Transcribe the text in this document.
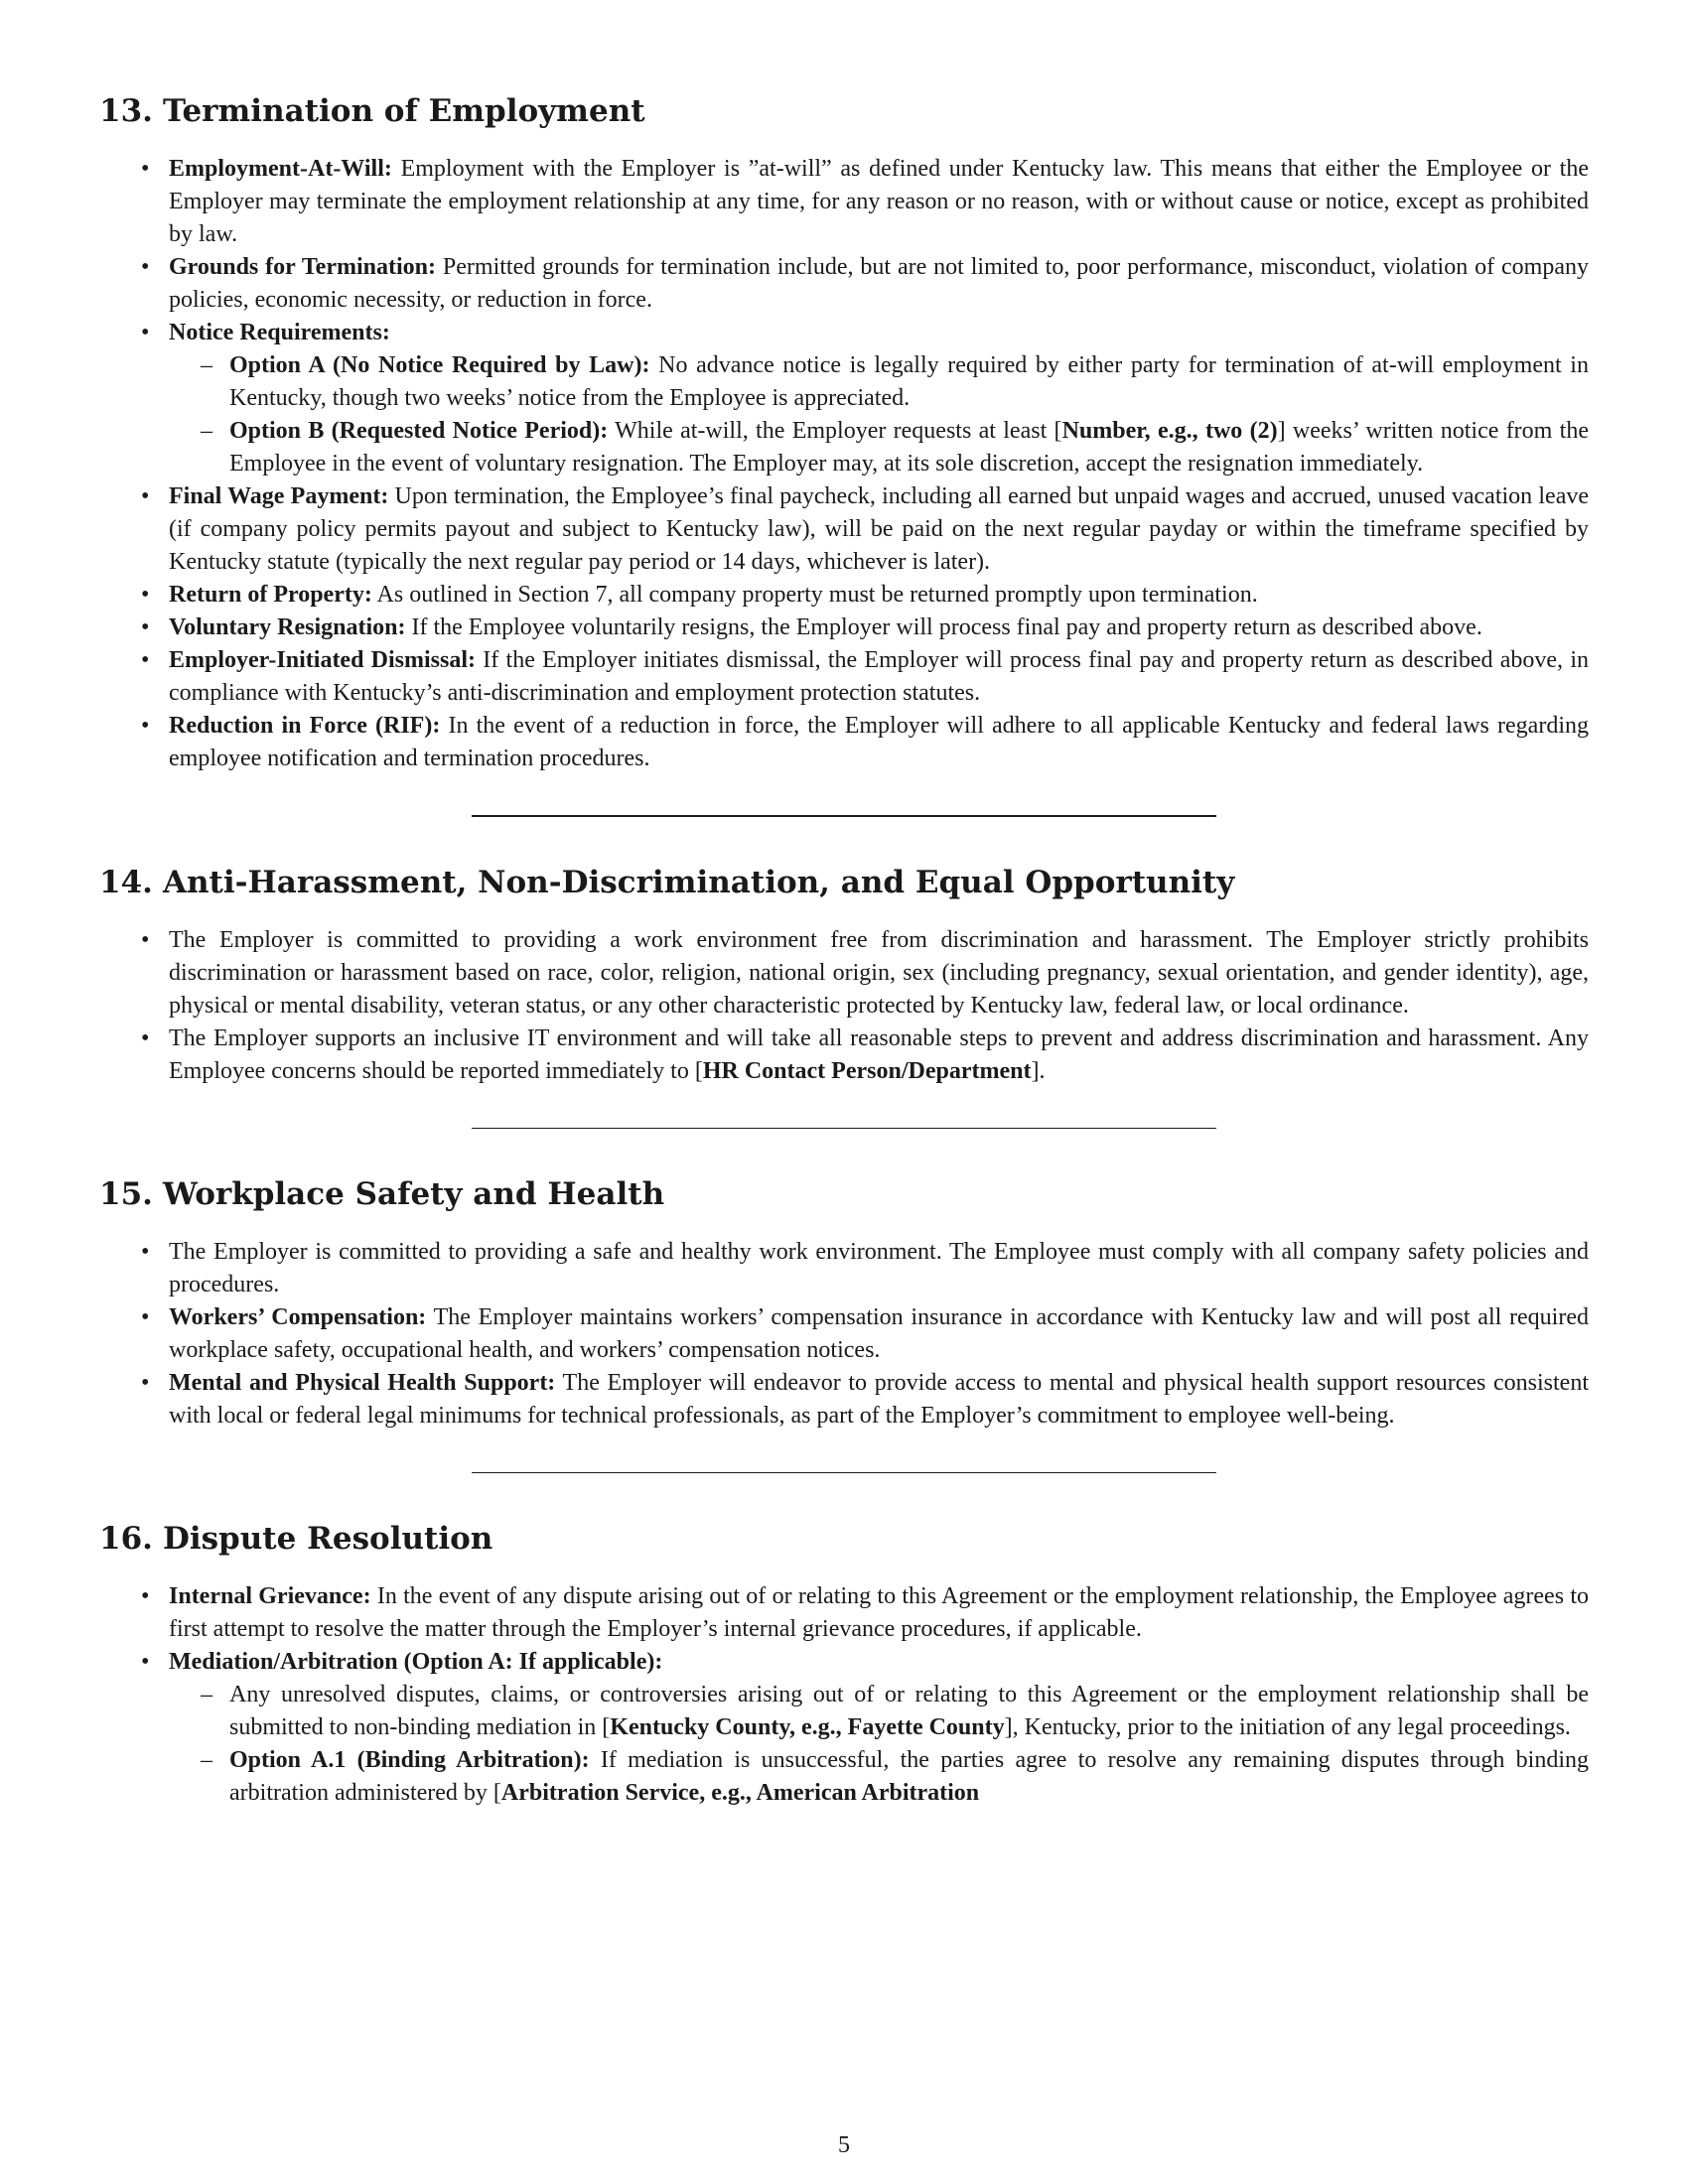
13. Termination of Employment
• Employment-At-Will: Employment with the Employer is ”at-will” as defined under Kentucky law. This means that either the Employee or the Employer may terminate the employment relationship at any time, for any reason or no reason, with or without cause or notice, except as prohibited by law.
• Grounds for Termination: Permitted grounds for termination include, but are not limited to, poor performance, misconduct, violation of company policies, economic necessity, or reduction in force.
• Notice Requirements:
– Option A (No Notice Required by Law): No advance notice is legally required by either party for termination of at-will employment in Kentucky, though two weeks’ notice from the Employee is appreciated.
– Option B (Requested Notice Period): While at-will, the Employer requests at least [Number, e.g., two (2)] weeks’ written notice from the Employee in the event of voluntary resignation. The Employer may, at its sole discretion, accept the resignation immediately.
• Final Wage Payment: Upon termination, the Employee’s final paycheck, including all earned but unpaid wages and accrued, unused vacation leave (if company policy permits payout and subject to Kentucky law), will be paid on the next regular payday or within the timeframe specified by Kentucky statute (typically the next regular pay period or 14 days, whichever is later).
• Return of Property: As outlined in Section 7, all company property must be returned promptly upon termination.
• Voluntary Resignation: If the Employee voluntarily resigns, the Employer will process final pay and property return as described above.
• Employer-Initiated Dismissal: If the Employer initiates dismissal, the Employer will process final pay and property return as described above, in compliance with Kentucky’s anti-discrimination and employment protection statutes.
• Reduction in Force (RIF): In the event of a reduction in force, the Employer will adhere to all applicable Kentucky and federal laws regarding employee notification and termination procedures.
14. Anti-Harassment, Non-Discrimination, and Equal Opportunity
• The Employer is committed to providing a work environment free from discrimination and harassment. The Employer strictly prohibits discrimination or harassment based on race, color, religion, national origin, sex (including pregnancy, sexual orientation, and gender identity), age, physical or mental disability, veteran status, or any other characteristic protected by Kentucky law, federal law, or local ordinance.
• The Employer supports an inclusive IT environment and will take all reasonable steps to prevent and address discrimination and harassment. Any Employee concerns should be reported immediately to [HR Contact Person/Department].
15. Workplace Safety and Health
• The Employer is committed to providing a safe and healthy work environment. The Employee must comply with all company safety policies and procedures.
• Workers’ Compensation: The Employer maintains workers’ compensation insurance in accordance with Kentucky law and will post all required workplace safety, occupational health, and workers’ compensation notices.
• Mental and Physical Health Support: The Employer will endeavor to provide access to mental and physical health support resources consistent with local or federal legal minimums for technical professionals, as part of the Employer’s commitment to employee well-being.
16. Dispute Resolution
• Internal Grievance: In the event of any dispute arising out of or relating to this Agreement or the employment relationship, the Employee agrees to first attempt to resolve the matter through the Employer’s internal grievance procedures, if applicable.
• Mediation/Arbitration (Option A: If applicable):
– Any unresolved disputes, claims, or controversies arising out of or relating to this Agreement or the employment relationship shall be submitted to non-binding mediation in [Kentucky County, e.g., Fayette County], Kentucky, prior to the initiation of any legal proceedings.
– Option A.1 (Binding Arbitration): If mediation is unsuccessful, the parties agree to resolve any remaining disputes through binding arbitration administered by [Arbitration Service, e.g., American Arbitration
5
